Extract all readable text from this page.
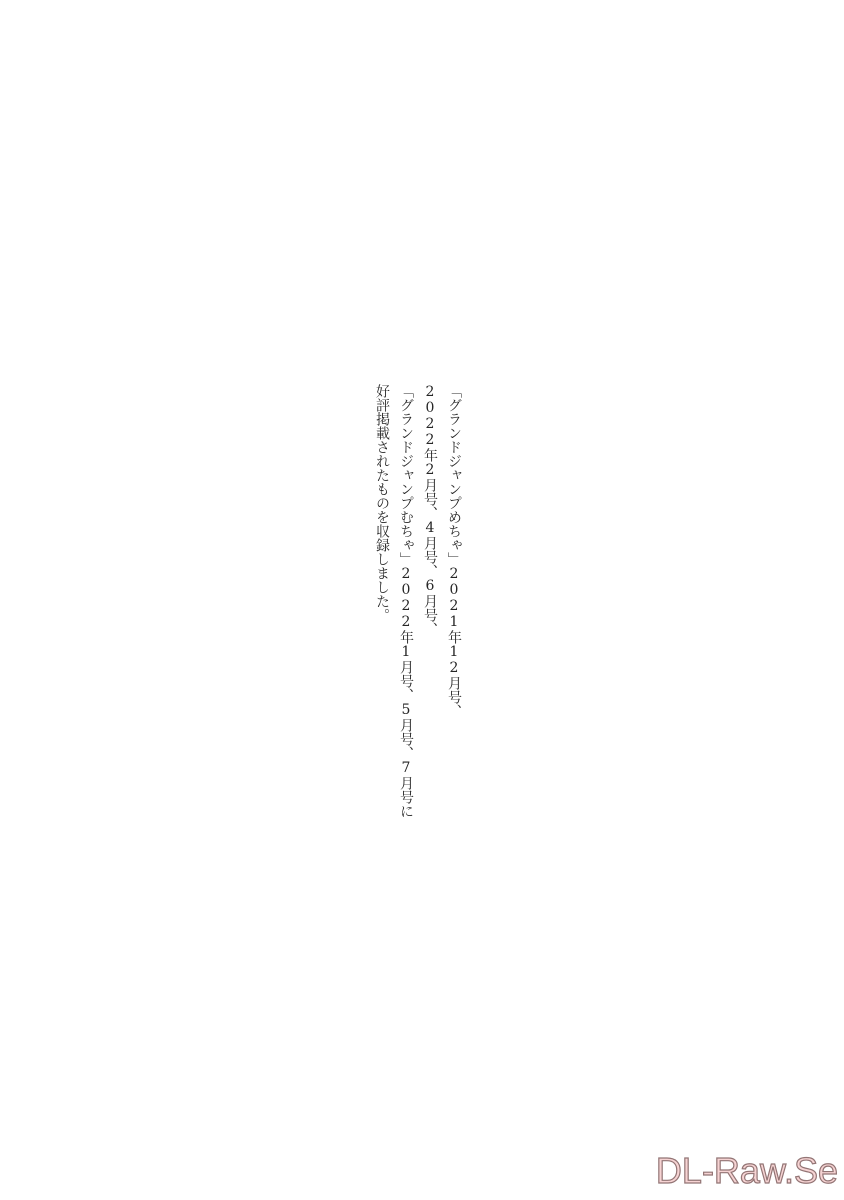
「グランドジャンプめちゃ」2021年12月号、
2022年2月号、4月号、6月号、
「グランドジャンプむちゃ」2022年1月号、5月号、7月号に
好評掲載されたものを収録しました。
DL-Raw.Se
